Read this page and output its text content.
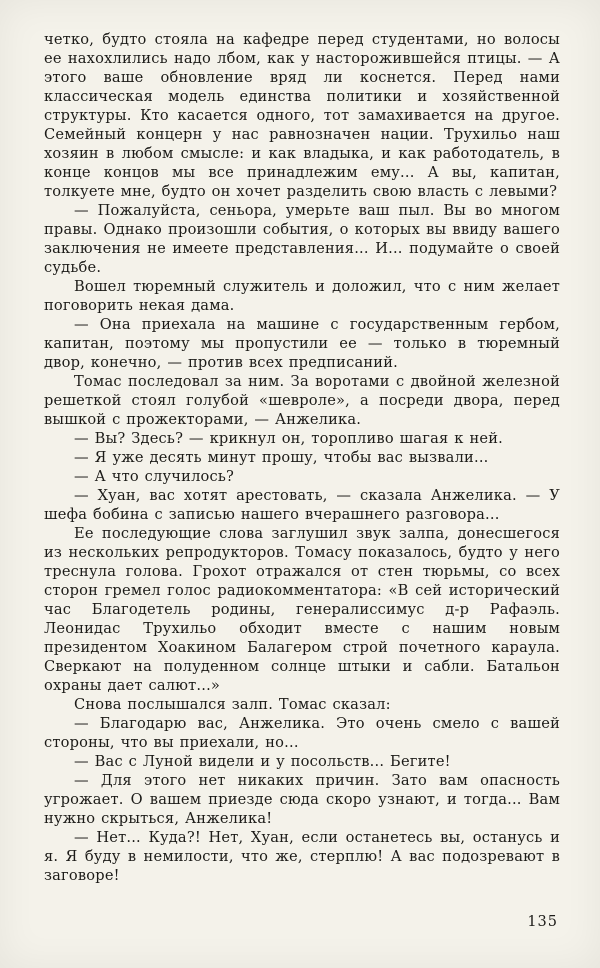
четко, будто стояла на кафедре перед студентами, но волосы ее нахохлились надо лбом, как у насторожившейся птицы. — А этого ваше обновление вряд ли коснется. Перед нами классическая модель единства политики и хозяйственной структуры. Кто касается одного, тот замахивается на другое. Семейный концерн у нас равнозначен нации. Трухильо наш хозяин в любом смысле: и как владыка, и как работодатель, в конце концов мы все принадлежим ему... А вы, капитан, толкуете мне, будто он хочет разделить свою власть с левыми?

— Пожалуйста, сеньора, умерьте ваш пыл. Вы во многом правы. Однако произошли события, о которых вы ввиду вашего заключения не имеете представления... И... подумайте о своей судьбе.

Вошел тюремный служитель и доложил, что с ним желает поговорить некая дама.

— Она приехала на машине с государственным гербом, капитан, поэтому мы пропустили ее — только в тюремный двор, конечно, — против всех предписаний.

Томас последовал за ним. За воротами с двойной железной решеткой стоял голубой «шевроле», а посреди двора, перед вышкой с прожекторами, — Анжелика.

— Вы? Здесь? — крикнул он, торопливо шагая к ней.

— Я уже десять минут прошу, чтобы вас вызвали...

— А что случилось?

— Хуан, вас хотят арестовать, — сказала Анжелика. — У шефа бобина с записью нашего вчерашнего разговора...

Ее последующие слова заглушил звук залпа, донесшегося из нескольких репродукторов. Томасу показалось, будто у него треснула голова. Грохот отражался от стен тюрьмы, со всех сторон гремел голос радиокомментатора: «В сей исторический час Благодетель родины, генералиссимус д-р Рафаэль. Леонидас Трухильо обходит вместе с нашим новым президентом Хоакином Балагером строй почетного караула. Сверкают на полуденном солнце штыки и сабли. Батальон охраны дает салют...»

Снова послышался залп. Томас сказал:

— Благодарю вас, Анжелика. Это очень смело с вашей стороны, что вы приехали, но...

— Вас с Луной видели и у посольств... Бегите!

— Для этого нет никаких причин. Зато вам опасность угрожает. О вашем приезде сюда скоро узнают, и тогда... Вам нужно скрыться, Анжелика!

— Нет... Куда?! Нет, Хуан, если останетесь вы, останусь и я. Я буду в немилости, что же, стерплю! А вас подозревают в заговоре!

135
